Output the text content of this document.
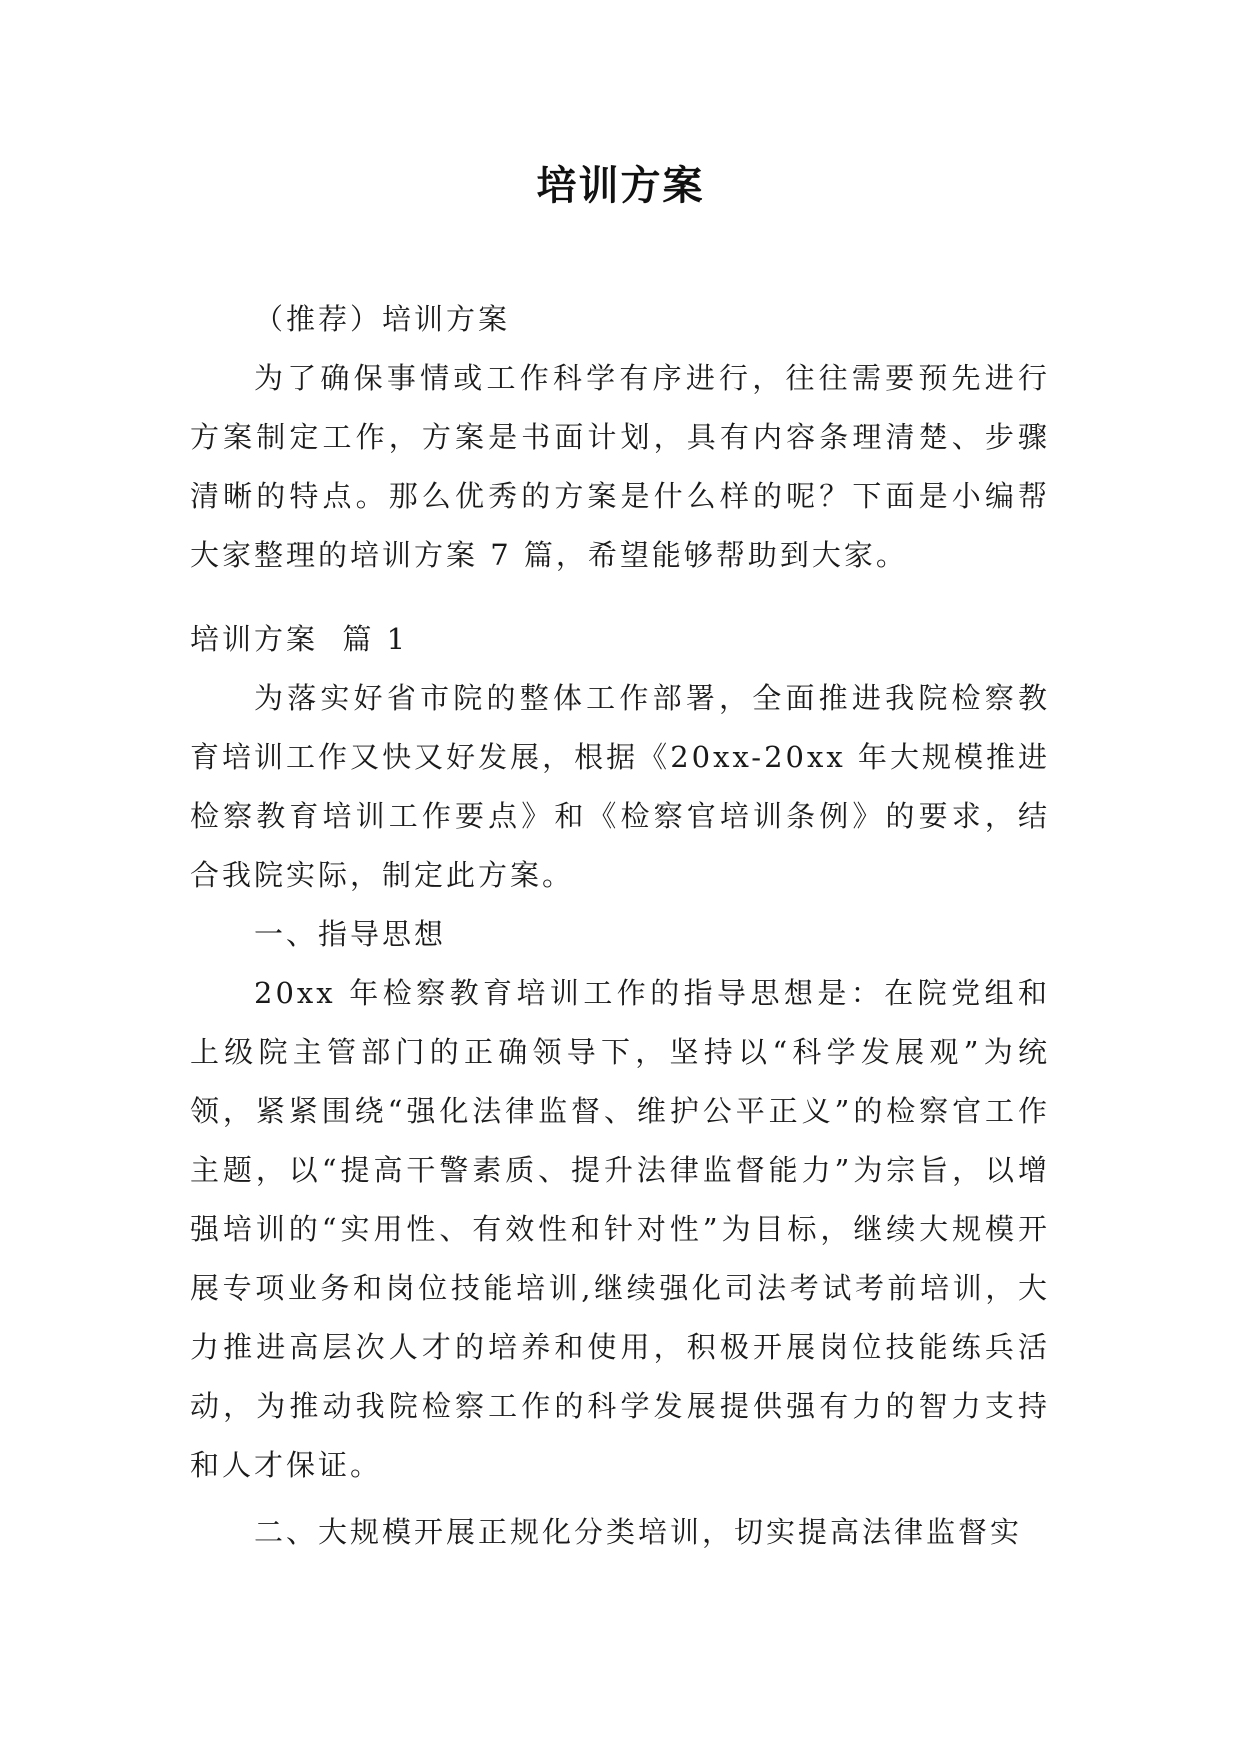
培训方案

（推荐）培训方案

为了确保事情或工作科学有序进行，往往需要预先进行方案制定工作，方案是书面计划，具有内容条理清楚、步骤清晰的特点。那么优秀的方案是什么样的呢？下面是小编帮大家整理的培训方案 7 篇，希望能够帮助到大家。

培训方案  篇 1

为落实好省市院的整体工作部署，全面推进我院检察教育培训工作又快又好发展，根据《20xx-20xx 年大规模推进检察教育培训工作要点》和《检察官培训条例》的要求，结合我院实际，制定此方案。

一、指导思想

20xx 年检察教育培训工作的指导思想是：在院党组和上级院主管部门的正确领导下，坚持以“科学发展观”为统领，紧紧围绕“强化法律监督、维护公平正义”的检察官工作主题，以“提高干警素质、提升法律监督能力”为宗旨，以增强培训的“实用性、有效性和针对性”为目标，继续大规模开展专项业务和岗位技能培训,继续强化司法考试考前培训，大力推进高层次人才的培养和使用，积极开展岗位技能练兵活动，为推动我院检察工作的科学发展提供强有力的智力支持和人才保证。

二、大规模开展正规化分类培训，切实提高法律监督实
